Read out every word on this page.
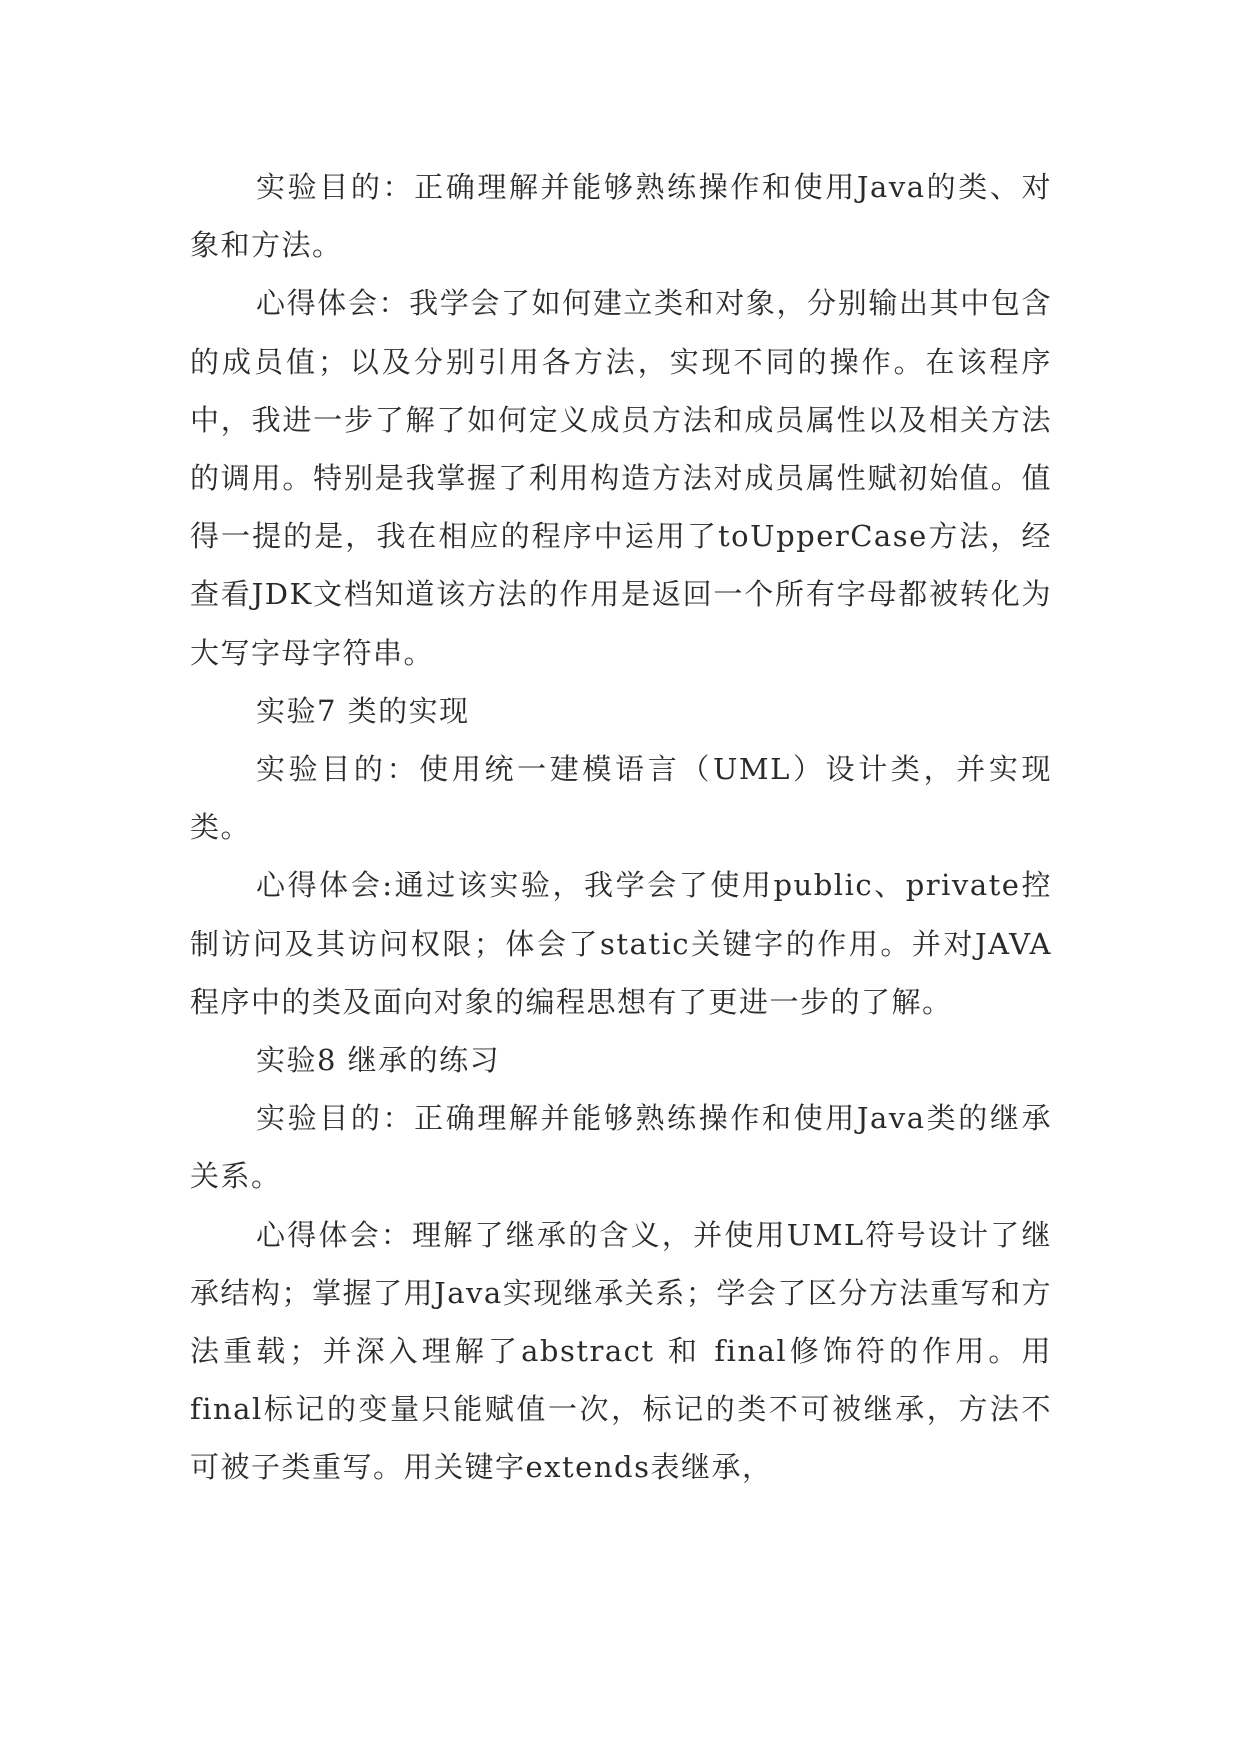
实验目的：正确理解并能够熟练操作和使用Java的类、对象和方法。

心得体会：我学会了如何建立类和对象，分别输出其中包含的成员值；以及分别引用各方法，实现不同的操作。在该程序中，我进一步了解了如何定义成员方法和成员属性以及相关方法的调用。特别是我掌握了利用构造方法对成员属性赋初始值。值得一提的是，我在相应的程序中运用了toUpperCase方法，经查看JDK文档知道该方法的作用是返回一个所有字母都被转化为大写字母字符串。

实验7 类的实现

实验目的：使用统一建模语言（UML）设计类，并实现类。

心得体会:通过该实验，我学会了使用public、private控制访问及其访问权限；体会了static关键字的作用。并对JAVA程序中的类及面向对象的编程思想有了更进一步的了解。

实验8 继承的练习

实验目的：正确理解并能够熟练操作和使用Java类的继承关系。

心得体会：理解了继承的含义，并使用UML符号设计了继承结构；掌握了用Java实现继承关系；学会了区分方法重写和方法重载；并深入理解了abstract 和 final修饰符的作用。用final标记的变量只能赋值一次，标记的类不可被继承，方法不可被子类重写。用关键字extends表继承，
